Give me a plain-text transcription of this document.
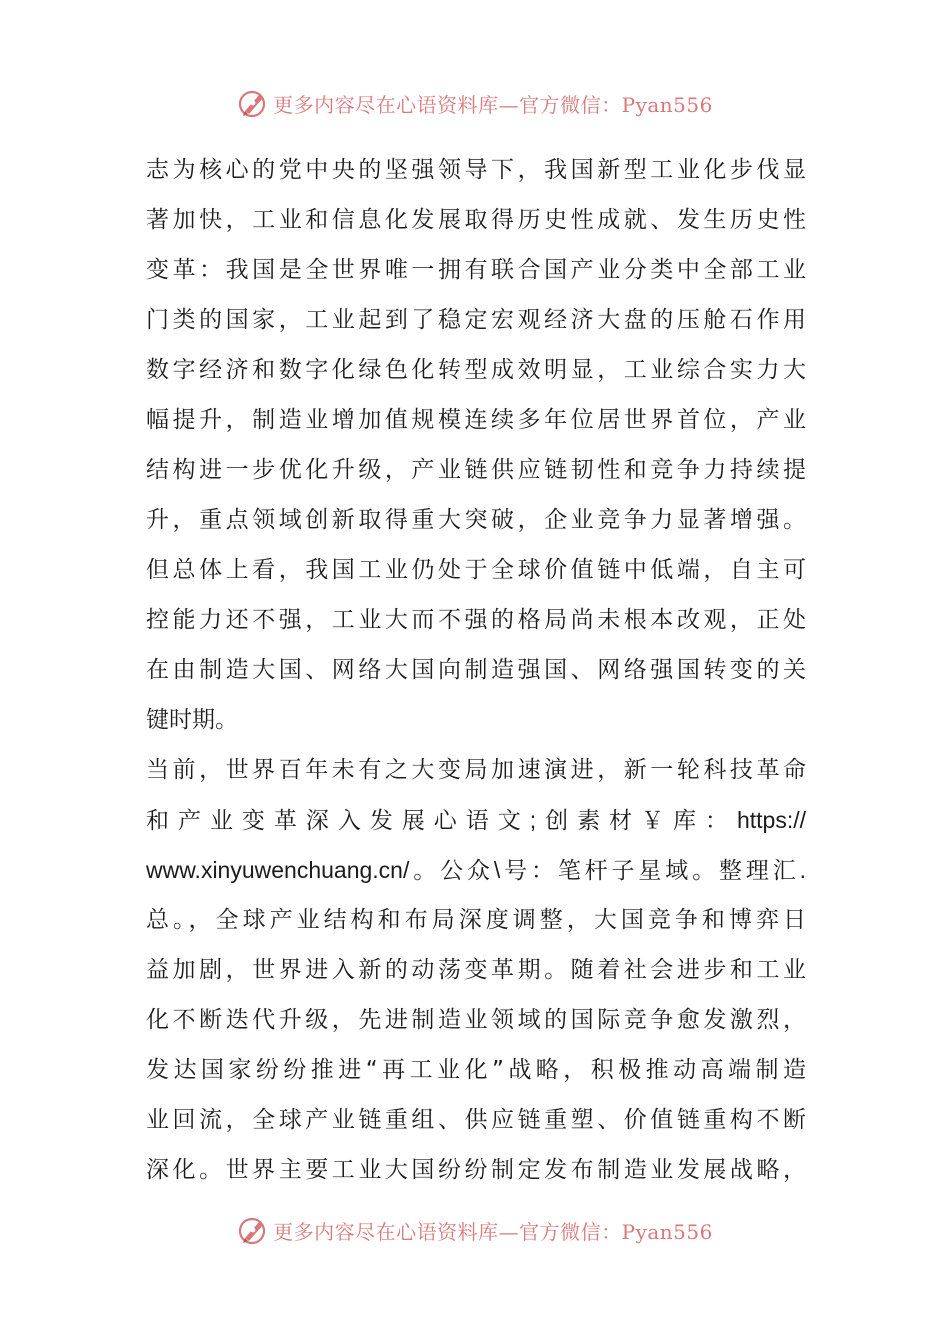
更多内容尽在心语资料库—官方微信：Pyan556
志为核心的党中央的坚强领导下，我国新型工业化步伐显
著加快，工业和信息化发展取得历史性成就、发生历史性
变革：我国是全世界唯一拥有联合国产业分类中全部工业
门类的国家，工业起到了稳定宏观经济大盘的压舱石作用
数字经济和数字化绿色化转型成效明显，工业综合实力大
幅提升，制造业增加值规模连续多年位居世界首位，产业
结构进一步优化升级，产业链供应链韧性和竞争力持续提
升，重点领域创新取得重大突破，企业竞争力显著增强。
但总体上看，我国工业仍处于全球价值链中低端，自主可
控能力还不强，工业大而不强的格局尚未根本改观，正处
在由制造大国、网络大国向制造强国、网络强国转变的关
键时期。
当前，世界百年未有之大变局加速演进，新一轮科技革命
和产业变革深入发展心语文;创素材￥库：https://
www.xinyuwenchuang.cn/。公众\号：笔杆子星域。整理汇.
总。，全球产业结构和布局深度调整，大国竞争和博弈日
益加剧，世界进入新的动荡变革期。随着社会进步和工业
化不断迭代升级，先进制造业领域的国际竞争愈发激烈，
发达国家纷纷推进“再工业化”战略，积极推动高端制造
业回流，全球产业链重组、供应链重塑、价值链重构不断
深化。世界主要工业大国纷纷制定发布制造业发展战略，
更多内容尽在心语资料库—官方微信：Pyan556
